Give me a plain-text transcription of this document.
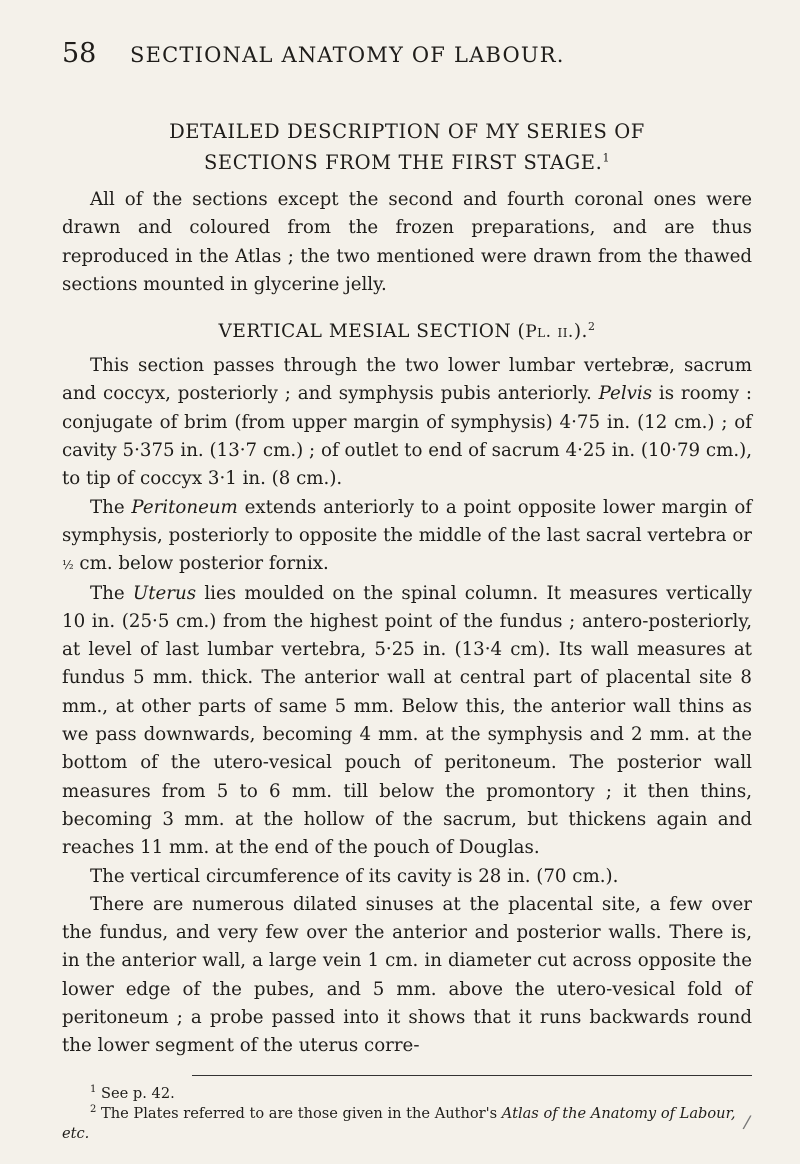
58	SECTIONAL ANATOMY OF LABOUR.
DETAILED DESCRIPTION OF MY SERIES OF
SECTIONS FROM THE FIRST STAGE.$^1$

All of the sections except the second and fourth coronal ones were drawn and coloured from the frozen preparations, and are thus reproduced in the Atlas ; the two mentioned were drawn from the thawed sections mounted in glycerine jelly.

VERTICAL MESIAL SECTION (Pl. ii.).$^2$

This section passes through the two lower lumbar vertebræ, sacrum and coccyx, posteriorly ; and symphysis pubis anteriorly. Pelvis is roomy : conjugate of brim (from upper margin of symphysis) 4·75 in. (12 cm.) ; of cavity 5·375 in. (13·7 cm.) ; of outlet to end of sacrum 4·25 in. (10·79 cm.), to tip of coccyx 3·1 in. (8 cm.).

The Peritoneum extends anteriorly to a point opposite lower margin of symphysis, posteriorly to opposite the middle of the last sacral vertebra or ½ cm. below posterior fornix.

The Uterus lies moulded on the spinal column. It measures vertically 10 in. (25·5 cm.) from the highest point of the fundus ; antero-posteriorly, at level of last lumbar vertebra, 5·25 in. (13·4 cm). Its wall measures at fundus 5 mm. thick. The anterior wall at central part of placental site 8 mm., at other parts of same 5 mm. Below this, the anterior wall thins as we pass downwards, becoming 4 mm. at the symphysis and 2 mm. at the bottom of the utero-vesical pouch of peritoneum. The posterior wall measures from 5 to 6 mm. till below the promontory ; it then thins, becoming 3 mm. at the hollow of the sacrum, but thickens again and reaches 11 mm. at the end of the pouch of Douglas.

The vertical circumference of its cavity is 28 in. (70 cm.).

There are numerous dilated sinuses at the placental site, a few over the fundus, and very few over the anterior and posterior walls. There is, in the anterior wall, a large vein 1 cm. in diameter cut across opposite the lower edge of the pubes, and 5 mm. above the utero-vesical fold of peritoneum ; a probe passed into it shows that it runs backwards round the lower segment of the uterus corre-

$^1$ See p. 42.

$^2$ The Plates referred to are those given in the Author's Atlas of the Anatomy of Labour, etc.	/
